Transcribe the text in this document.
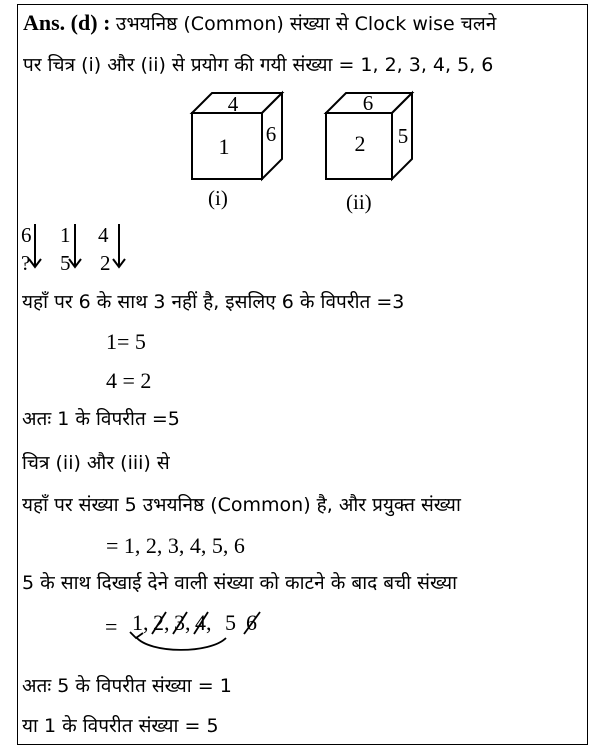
Ans. (d) : उभयनिष्ठ (Common) संख्या से Clock wise चलने
पर चित्र (i) और (ii) से प्रयोग की गयी संख्या = 1, 2, 3, 4, 5, 6
4
1 6
(i)
6
2 5
(ii)
6 1 4
? 5 2
यहाँ पर 6 के साथ 3 नहीं है, इसलिए 6 के विपरीत =3
1= 5
4 = 2
अतः 1 के विपरीत =5
चित्र (ii) और (iii) से
यहाँ पर संख्या 5 उभयनिष्ठ (Common) है, और प्रयुक्त संख्या
= 1, 2, 3, 4, 5, 6
5 के साथ दिखाई देने वाली संख्या को काटने के बाद बची संख्या
= 1, 2, 3, 4, 5 6
अतः 5 के विपरीत संख्या = 1
या 1 के विपरीत संख्या = 5
